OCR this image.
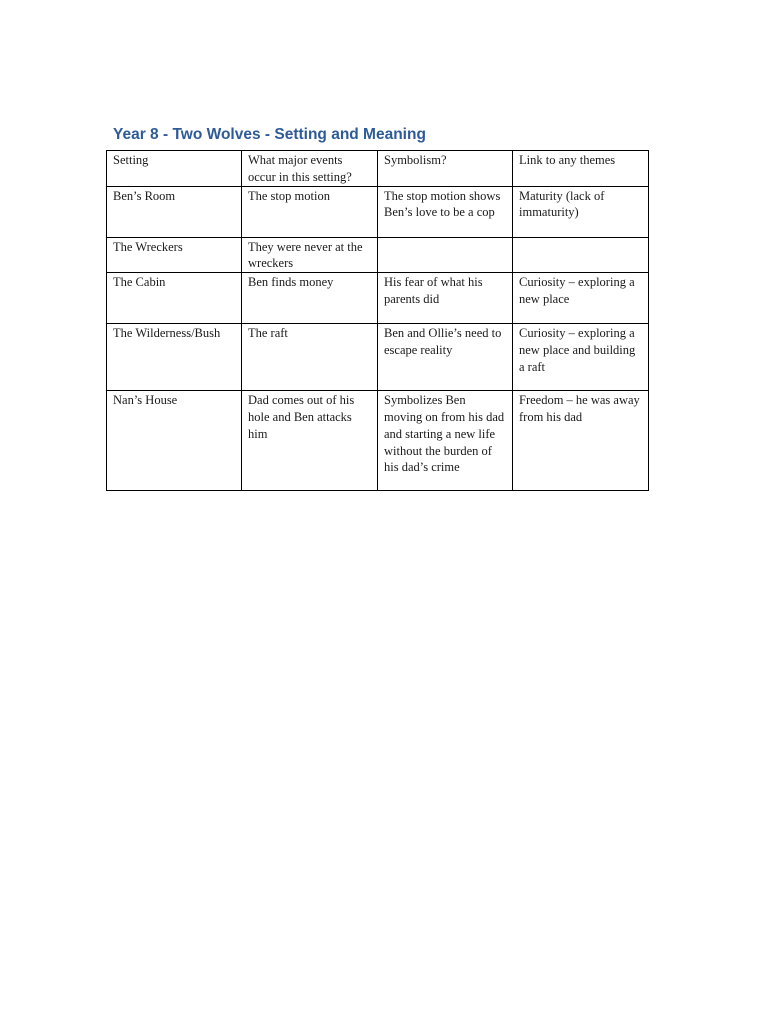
Year 8 - Two Wolves - Setting and Meaning
Setting	What major events occur in this setting?	Symbolism?	Link to any themes
Ben’s Room	The stop motion	The stop motion shows Ben’s love to be a cop	Maturity (lack of immaturity)
The Wreckers	They were never at the wreckers		
The Cabin	Ben finds money	His fear of what his parents did	Curiosity – exploring a new place
The Wilderness/Bush	The raft	Ben and Ollie’s need to escape reality	Curiosity – exploring a new place and building a raft
Nan’s House	Dad comes out of his hole and Ben attacks him	Symbolizes Ben moving on from his dad and starting a new life without the burden of his dad’s crime	Freedom – he was away from his dad
